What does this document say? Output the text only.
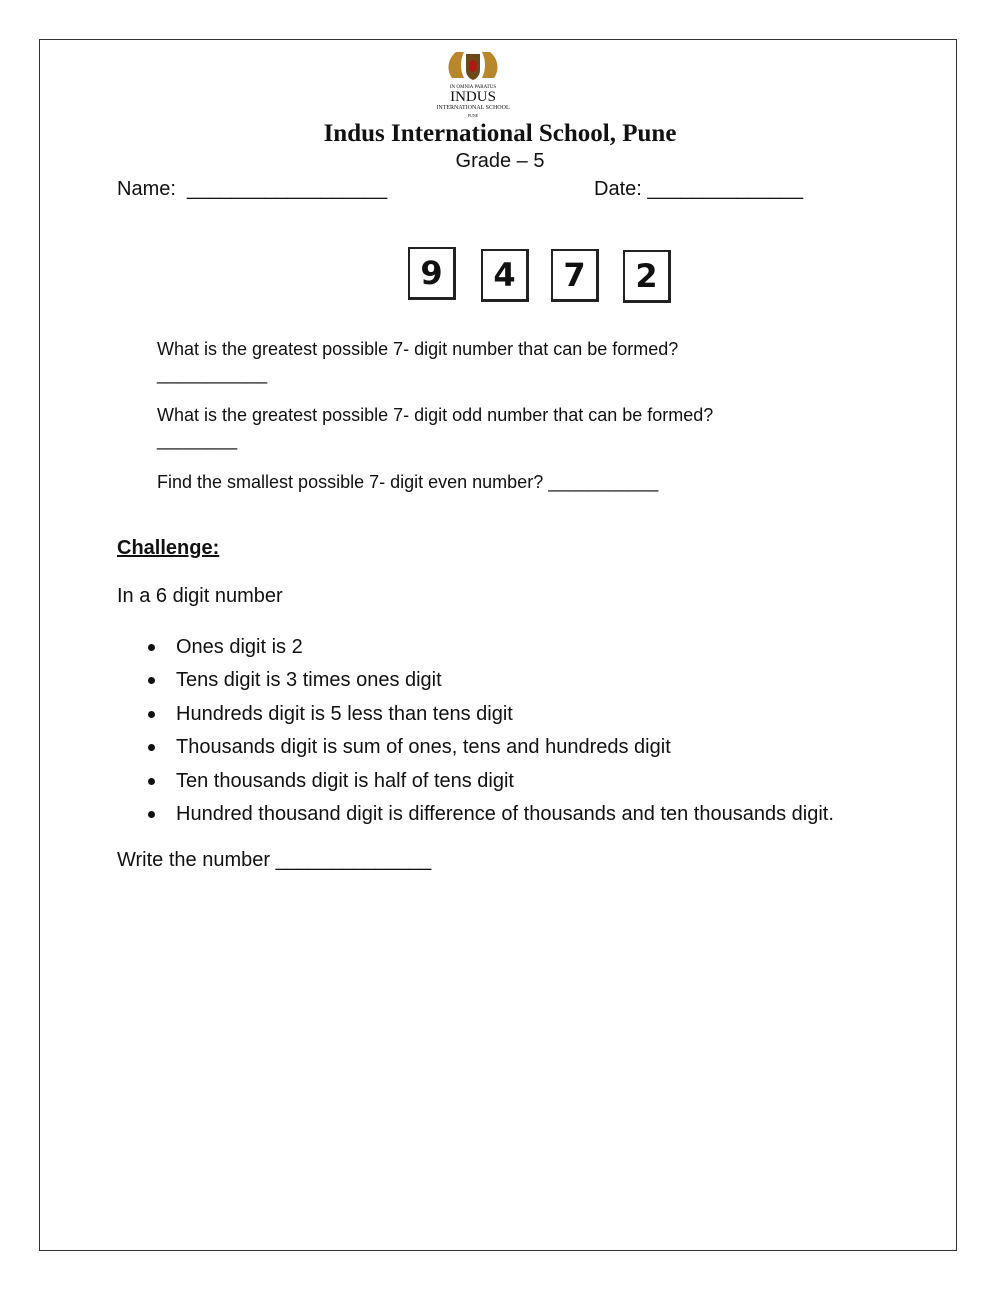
IN OMNIA PARATUS
INDUS
INTERNATIONAL SCHOOL
PUNE
Indus International School, Pune
Grade – 5
Name:  __________________	Date: ______________
9	4	7	2
What is the greatest possible 7- digit number that can be formed?
___________
What is the greatest possible 7- digit odd number that can be formed?
________
Find the smallest possible 7- digit even number? ___________
Challenge:
In a 6 digit number
Ones digit is 2
Tens digit is 3 times ones digit
Hundreds digit is 5 less than tens digit
Thousands digit is sum of ones, tens and hundreds digit
Ten thousands digit is half of tens digit
Hundred thousand digit is difference of thousands and ten thousands digit.
Write the number ______________
